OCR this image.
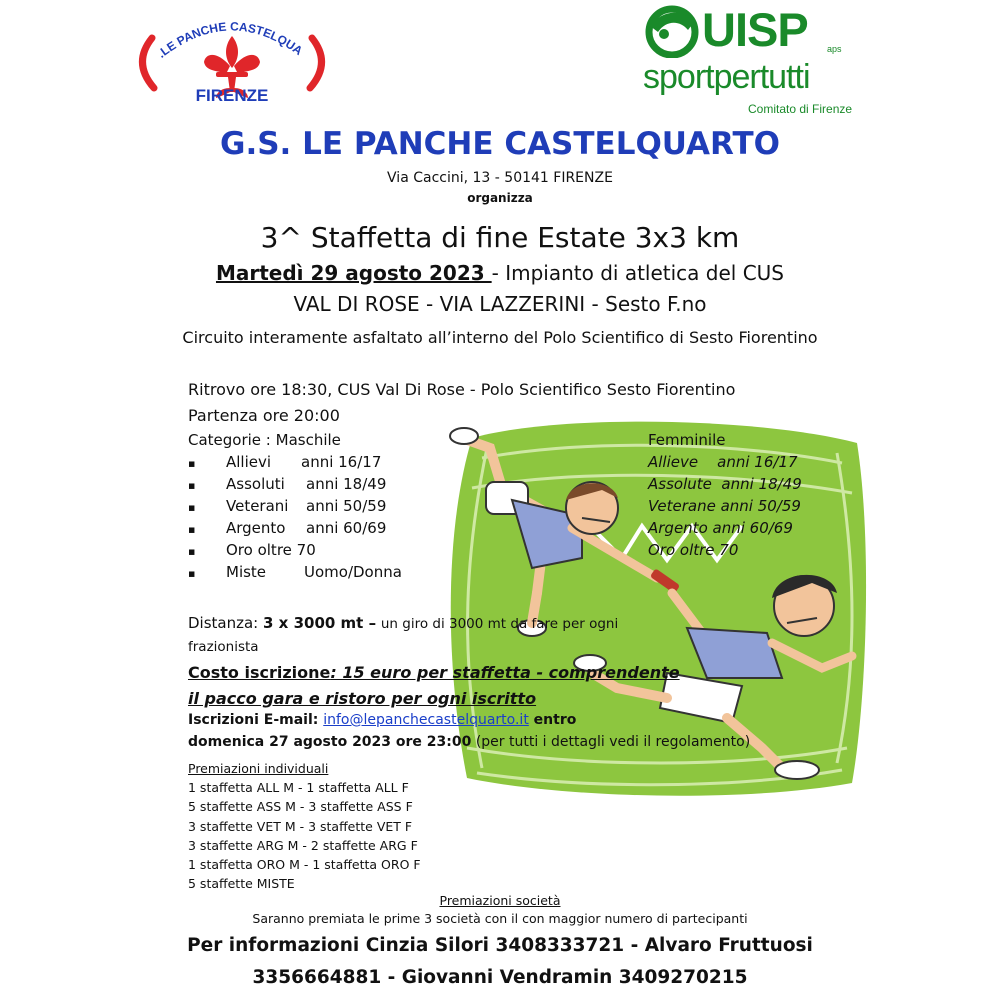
.LE PANCHE CASTELQUA
FIRENZE
UISP aps
sportpertutti
Comitato di Firenze
G.S. LE PANCHE CASTELQUARTO
Via Caccini, 13 - 50141 FIRENZE
organizza
3^ Staffetta di fine Estate 3x3 km
Martedì 29 agosto 2023 - Impianto di atletica del CUS
VAL DI ROSE - VIA LAZZERINI - Sesto F.no
Circuito interamente asfaltato all’interno del Polo Scientifico di Sesto Fiorentino
Ritrovo ore 18:30, CUS Val Di Rose - Polo Scientifico Sesto Fiorentino
Partenza ore 20:00
Categorie : Maschile	Femminile
▪ Allievi anni 16/17
▪ Assoluti anni 18/49
▪ Veterani anni 50/59
▪ Argento anni 60/69
▪ Oro oltre 70
▪ Miste	Uomo/Donna
Allieve    anni 16/17
Assolute  anni 18/49
Veterane anni 50/59
Argento anni 60/69
Oro oltre 70
Distanza: 3 x 3000 mt – un giro di 3000 mt da fare per ogni frazionista
Costo iscrizione: 15 euro per staffetta - comprendente
il pacco gara e ristoro per ogni iscritto
Iscrizioni E-mail: info@lepanchecastelquarto.it entro
domenica 27 agosto 2023 ore 23:00 (per tutti i dettagli vedi il regolamento)
Premiazioni individuali
1 staffetta ALL M - 1 staffetta ALL F
5 staffette ASS M - 3 staffette ASS F
3 staffette VET M - 3 staffette VET F
3 staffette ARG M - 2 staffette ARG F
1 staffetta ORO M - 1 staffetta ORO F
5 staffette MISTE
Premiazioni società
Saranno premiata le prime 3 società con il con maggior numero di partecipanti
Per informazioni Cinzia Silori 3408333721 - Alvaro Fruttuosi
3356664881 - Giovanni Vendramin 3409270215
